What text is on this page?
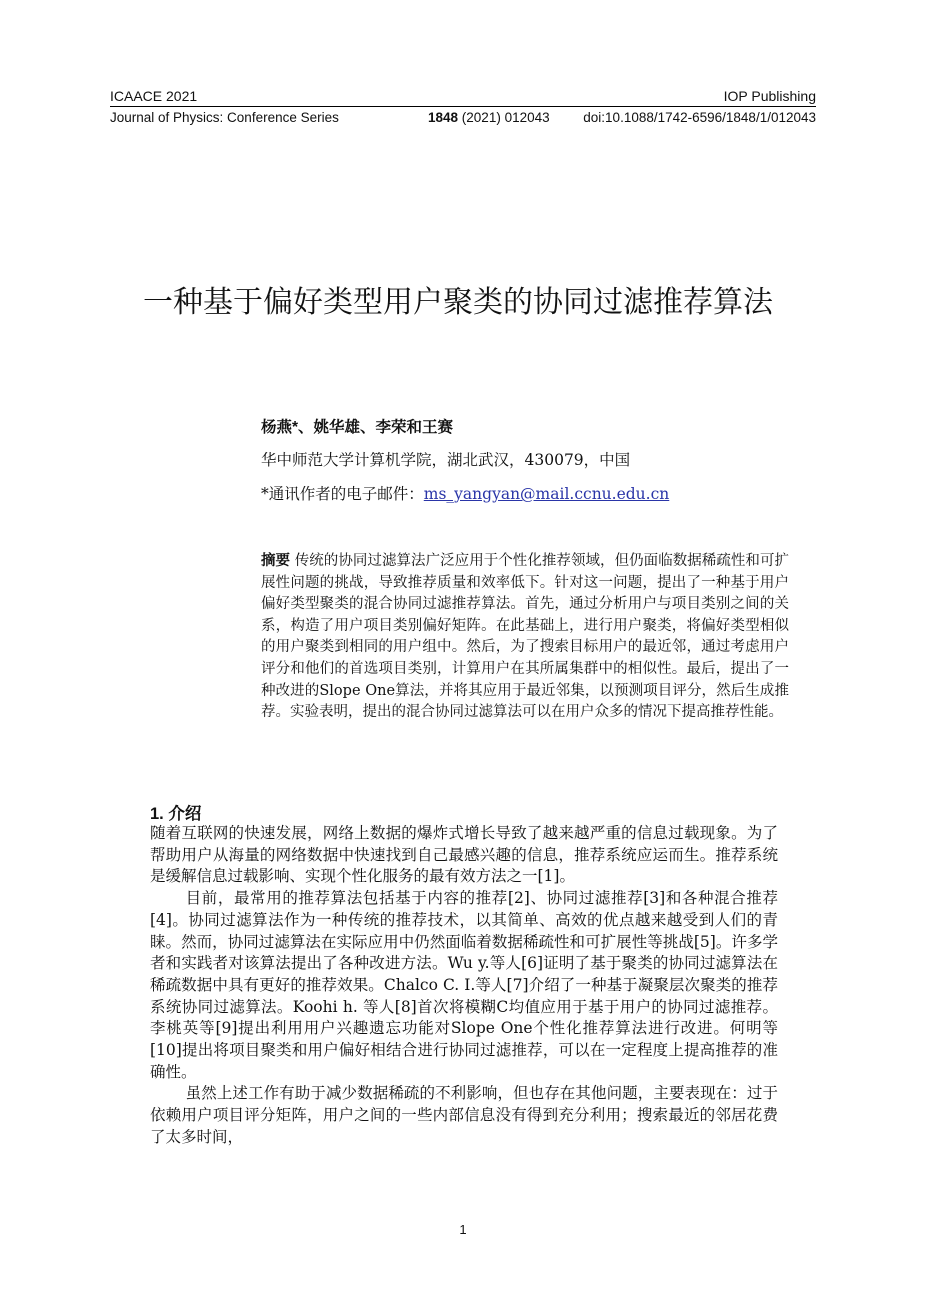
ICAACE 2021	IOP Publishing
Journal of Physics: Conference Series	1848 (2021) 012043 doi:10.1088/1742-6596/1848/1/012043
一种基于偏好类型用户聚类的协同过滤推荐算法
杨燕*、姚华雄、李荣和王赛
华中师范大学计算机学院，湖北武汉，430079，中国
*通讯作者的电子邮件：ms_yangyan@mail.ccnu.edu.cn

摘要 传统的协同过滤算法广泛应用于个性化推荐领域，但仍面临数据稀疏性和可扩展性问题的挑战，导致推荐质量和效率低下。针对这一问题，提出了一种基于用户偏好类型聚类的混合协同过滤推荐算法。首先，通过分析用户与项目类别之间的关系，构造了用户项目类别偏好矩阵。在此基础上，进行用户聚类，将偏好类型相似的用户聚类到相同的用户组中。然后，为了搜索目标用户的最近邻，通过考虑用户评分和他们的首选项目类别，计算用户在其所属集群中的相似性。最后，提出了一种改进的Slope One算法，并将其应用于最近邻集，以预测项目评分，然后生成推荐。实验表明，提出的混合协同过滤算法可以在用户众多的情况下提高推荐性能。

1. 介绍

随着互联网的快速发展，网络上数据的爆炸式增长导致了越来越严重的信息过载现象。为了帮助用户从海量的网络数据中快速找到自己最感兴趣的信息，推荐系统应运而生。推荐系统是缓解信息过载影响、实现个性化服务的最有效方法之一[1]。

目前，最常用的推荐算法包括基于内容的推荐[2]、协同过滤推荐[3]和各种混合推荐[4]。协同过滤算法作为一种传统的推荐技术，以其简单、高效的优点越来越受到人们的青睐。然而，协同过滤算法在实际应用中仍然面临着数据稀疏性和可扩展性等挑战[5]。许多学者和实践者对该算法提出了各种改进方法。Wu y.等人[6]证明了基于聚类的协同过滤算法在稀疏数据中具有更好的推荐效果。Chalco C. I.等人[7]介绍了一种基于凝聚层次聚类的推荐系统协同过滤算法。Koohi h. 等人[8]首次将模糊C均值应用于基于用户的协同过滤推荐。李桃英等[9]提出利用用户兴趣遗忘功能对Slope One个性化推荐算法进行改进。何明等[10]提出将项目聚类和用户偏好相结合进行协同过滤推荐，可以在一定程度上提高推荐的准确性。

虽然上述工作有助于减少数据稀疏的不利影响，但也存在其他问题，主要表现在：过于依赖用户项目评分矩阵，用户之间的一些内部信息没有得到充分利用；搜索最近的邻居花费了太多时间，

1
